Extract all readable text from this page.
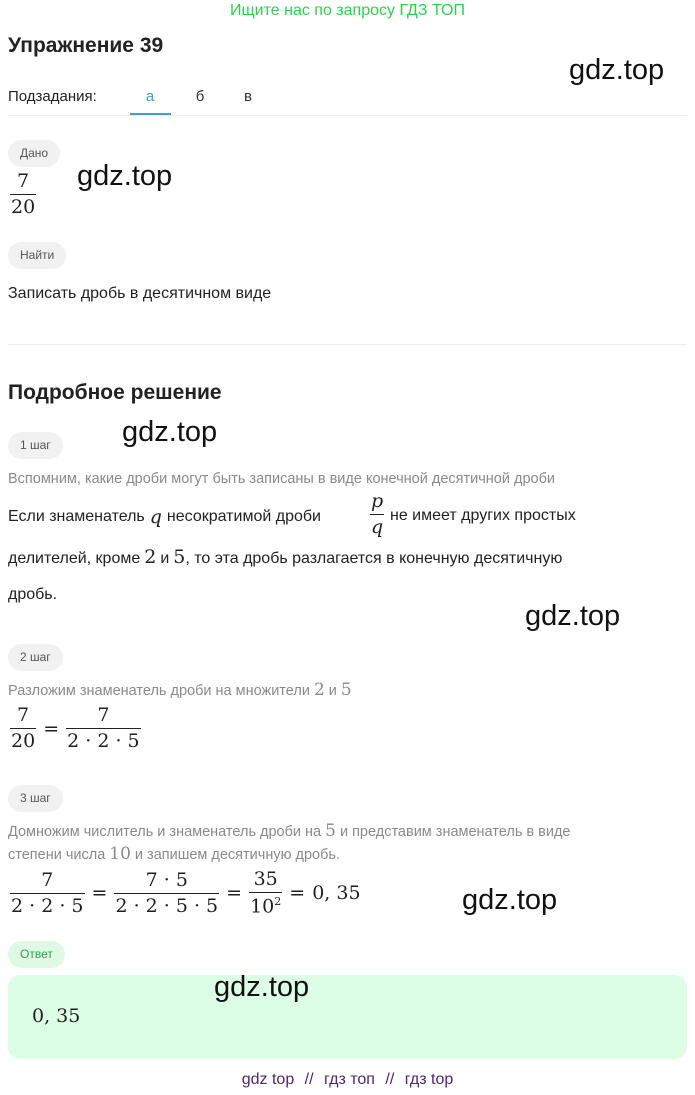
Ищите нас по запросу ГДЗ ТОП
Упражнение 39
gdz.top
Подзадания:	а	б	в
Дано
$\frac{7}{20} gdz.top$
Найти
Записать дробь в десятичном виде
Подробное решение
1 шаг	gdz.top
Вспомним, какие дроби могут быть записаны в виде конечной десятичной дроби
Если знаменатель q несократимой дроби	$\frac{p}{q}$ не имеет других простых
делителей, кроме 2 и 5 , то эта дробь разлагается в конечную десятичную
дробь.
gdz.top
2 шаг
Разложим знаменатель дроби на множители 2 и 5
$\frac{7}{20} = \frac{7}{2 \cdot 2 \cdot 5}$
3 шаг
Домножим числитель и знаменатель дроби на 5 и представим знаменатель в виде
степени числа 10 и запишем десятичную дробь.
$\frac{7}{2 \cdot 2 \cdot 5} = \frac{7 \cdot 5}{2 \cdot 2 \cdot 5 \cdot 5} = \frac{35}{10^2} = 0$, 35	gdz.top
Ответ
0, 35
gdz.top
gdz top // гдз топ // гдз top
